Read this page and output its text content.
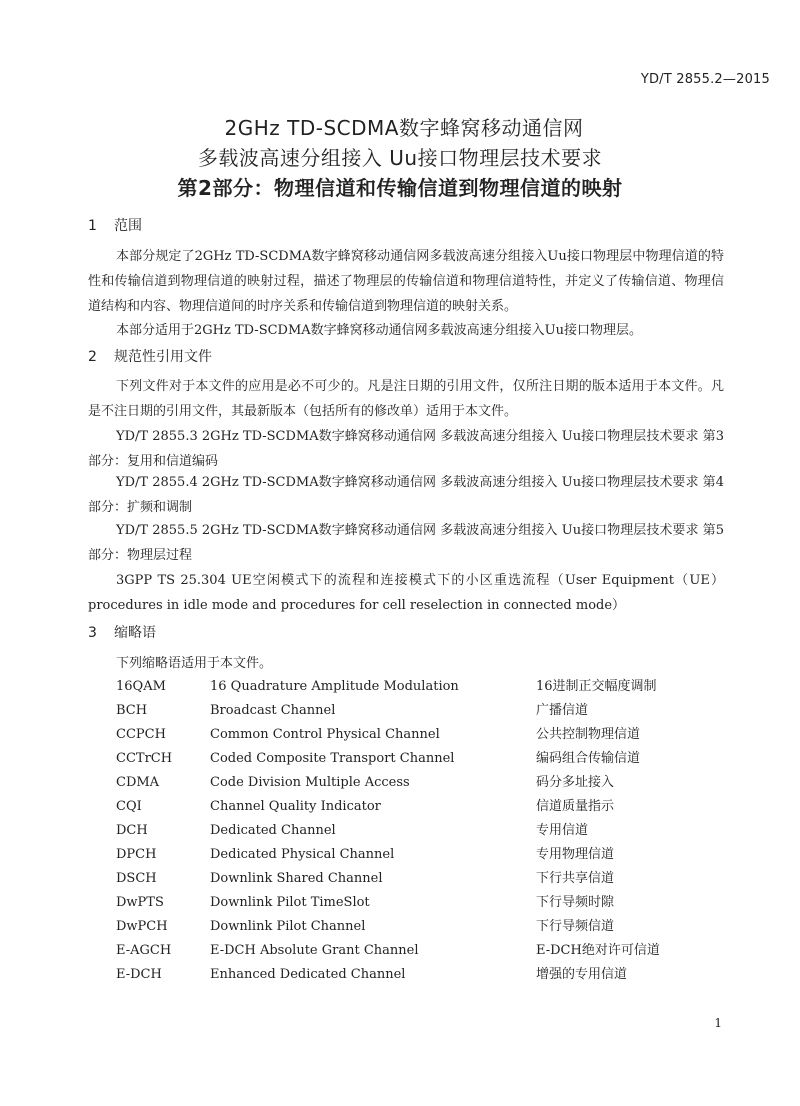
YD/T 2855.2—2015
2GHz TD-SCDMA数字蜂窝移动通信网
多载波高速分组接入 Uu接口物理层技术要求
第2部分：物理信道和传输信道到物理信道的映射
1 范围

本部分规定了2GHz TD-SCDMA数字蜂窝移动通信网多载波高速分组接入Uu接口物理层中物理信道的特性和传输信道到物理信道的映射过程，描述了物理层的传输信道和物理信道特性，并定义了传输信道、物理信道结构和内容、物理信道间的时序关系和传输信道到物理信道的映射关系。

本部分适用于2GHz TD-SCDMA数字蜂窝移动通信网多载波高速分组接入Uu接口物理层。

2 规范性引用文件

下列文件对于本文件的应用是必不可少的。凡是注日期的引用文件，仅所注日期的版本适用于本文件。凡是不注日期的引用文件，其最新版本（包括所有的修改单）适用于本文件。

YD/T 2855.3 2GHz TD-SCDMA数字蜂窝移动通信网 多载波高速分组接入 Uu接口物理层技术要求 第3部分：复用和信道编码

YD/T 2855.4 2GHz TD-SCDMA数字蜂窝移动通信网 多载波高速分组接入 Uu接口物理层技术要求 第4部分：扩频和调制

YD/T 2855.5 2GHz TD-SCDMA数字蜂窝移动通信网 多载波高速分组接入 Uu接口物理层技术要求 第5部分：物理层过程

3GPP TS 25.304 UE空闲模式下的流程和连接模式下的小区重选流程（User Equipment（UE）procedures in idle mode and procedures for cell reselection in connected mode）

3 缩略语
下列缩略语适用于本文件。
16QAM	16 Quadrature Amplitude Modulation	16进制正交幅度调制
BCH	Broadcast Channel	广播信道
CCPCH	Common Control Physical Channel	公共控制物理信道
CCTrCH	Coded Composite Transport Channel	编码组合传输信道
CDMA	Code Division Multiple Access	码分多址接入
CQI	Channel Quality Indicator	信道质量指示
DCH	Dedicated Channel	专用信道
DPCH	Dedicated Physical Channel	专用物理信道
DSCH	Downlink Shared Channel	下行共享信道
DwPTS	Downlink Pilot TimeSlot	下行导频时隙
DwPCH	Downlink Pilot Channel	下行导频信道
E-AGCH	E-DCH Absolute Grant Channel	E-DCH绝对许可信道
E-DCH	Enhanced Dedicated Channel	增强的专用信道
1
